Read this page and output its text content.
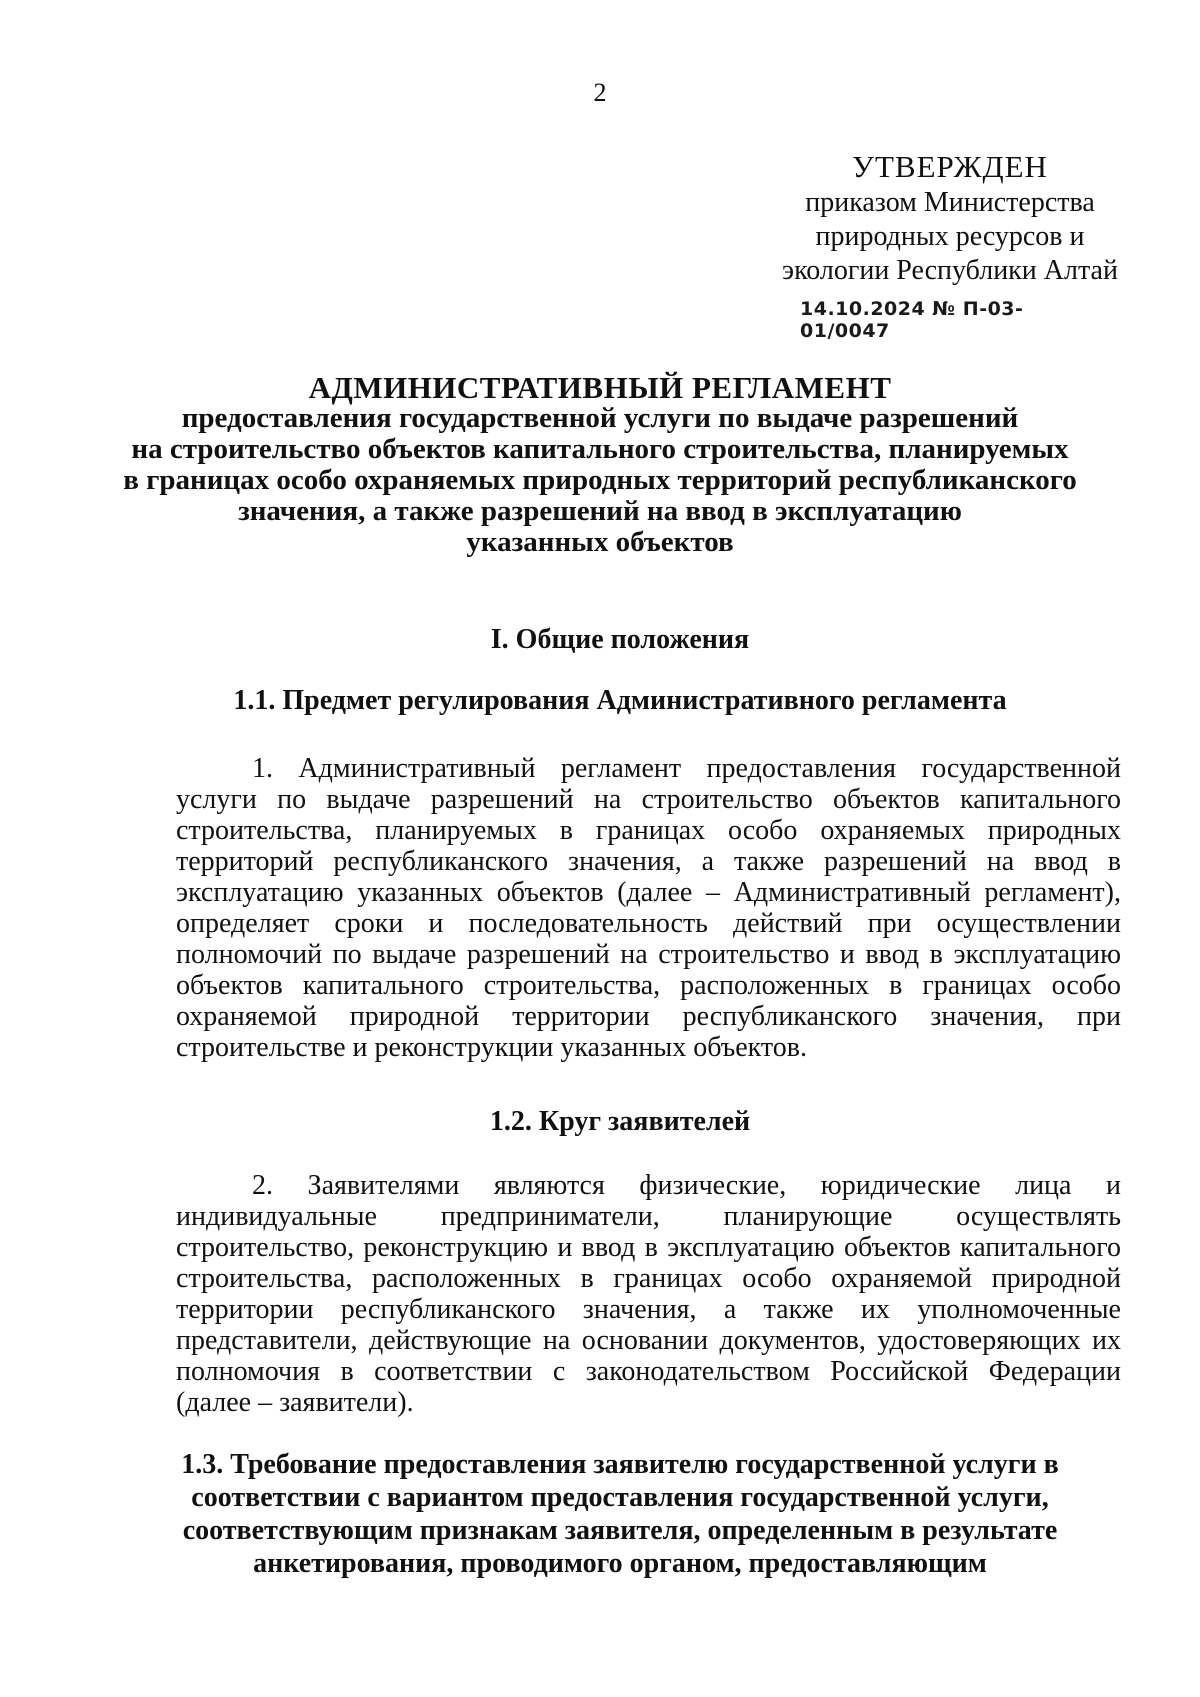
2
УТВЕРЖДЕН
приказом Министерства
природных ресурсов и
экологии Республики Алтай
14.10.2024 № П-03-01/0047
АДМИНИСТРАТИВНЫЙ РЕГЛАМЕНТ
предоставления государственной услуги по выдаче разрешений
на строительство объектов капитального строительства, планируемых
в границах особо охраняемых природных территорий республиканского
значения, а также разрешений на ввод в эксплуатацию
указанных объектов
I. Общие положения
1.1. Предмет регулирования Административного регламента
1. Административный регламент предоставления государственной
услуги по выдаче разрешений на строительство объектов капитального
строительства, планируемых в границах особо охраняемых природных
территорий республиканского значения, а также разрешений на ввод в
эксплуатацию указанных объектов (далее – Административный регламент),
определяет сроки и последовательность действий при осуществлении
полномочий по выдаче разрешений на строительство и ввод в эксплуатацию
объектов капитального строительства, расположенных в границах особо
охраняемой природной территории республиканского значения, при
строительстве и реконструкции указанных объектов.
1.2. Круг заявителей
2. Заявителями являются физические, юридические лица и
индивидуальные предприниматели, планирующие осуществлять
строительство, реконструкцию и ввод в эксплуатацию объектов капитального
строительства, расположенных в границах особо охраняемой природной
территории республиканского значения, а также их уполномоченные
представители, действующие на основании документов, удостоверяющих их
полномочия в соответствии с законодательством Российской Федерации
(далее – заявители).
1.3. Требование предоставления заявителю государственной услуги в
соответствии с вариантом предоставления государственной услуги,
соответствующим признакам заявителя, определенным в результате
анкетирования, проводимого органом, предоставляющим
